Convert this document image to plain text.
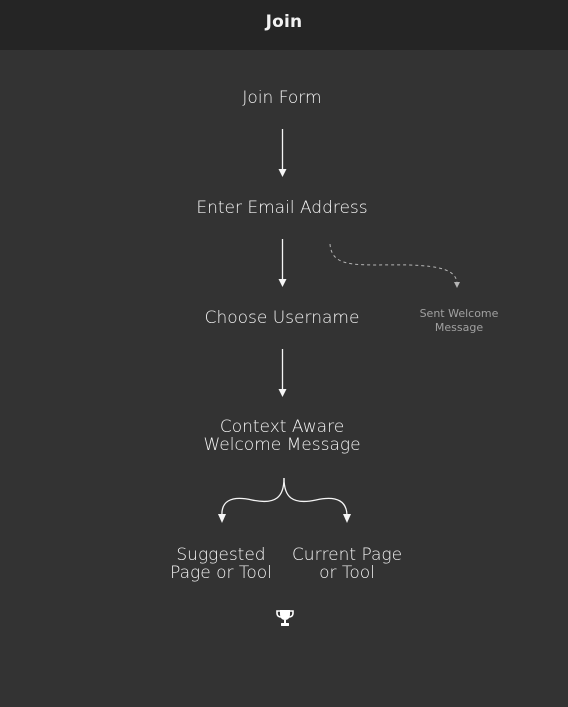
Join
Join Form
Enter Email Address
Choose Username	Sent Welcome
Message
Context Aware
Welcome Message
Suggested
Page or Tool
Current Page
or Tool
